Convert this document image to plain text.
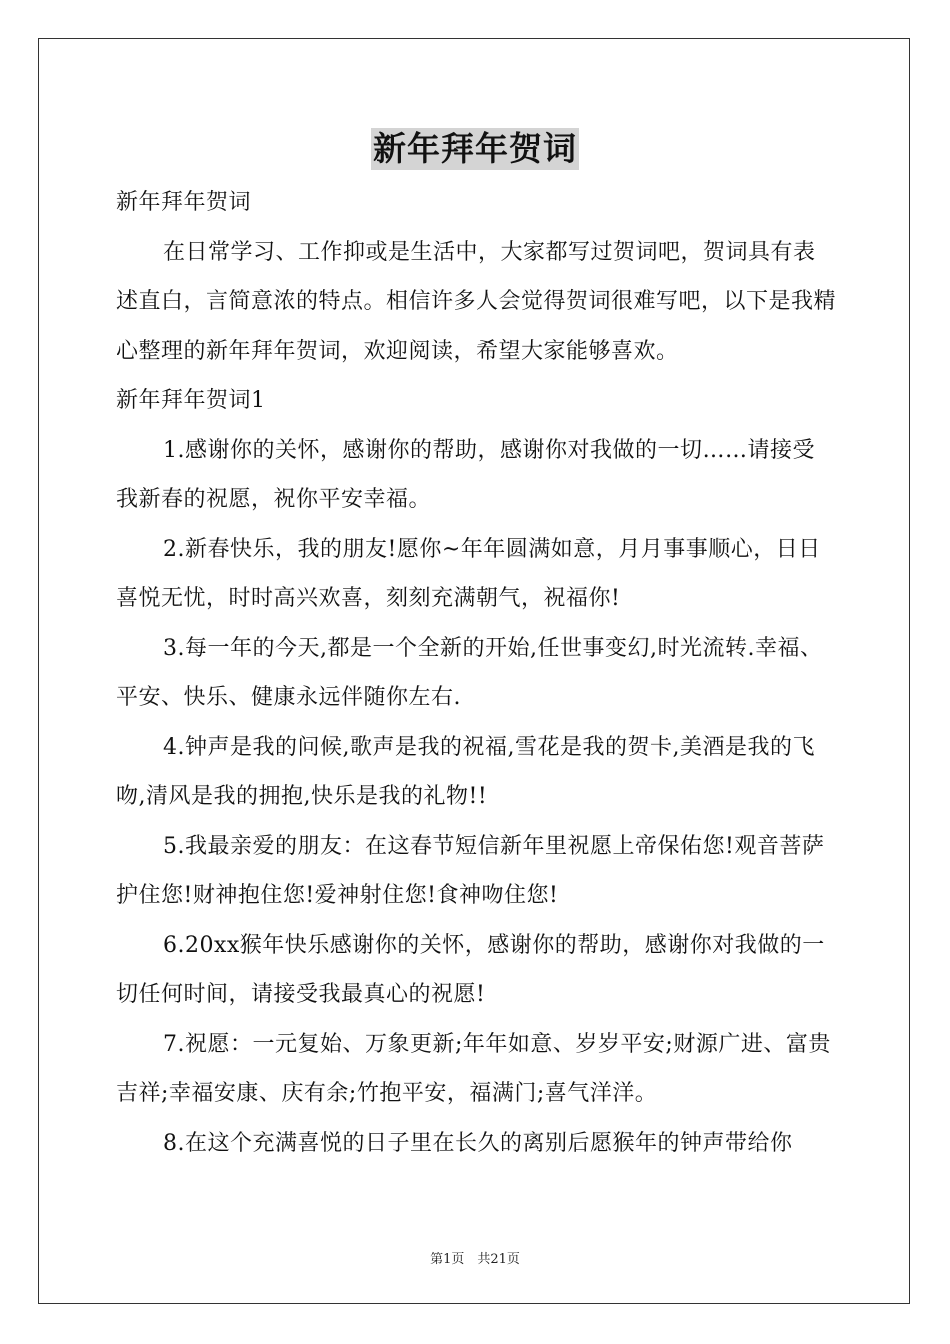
新年拜年贺词

新年拜年贺词

在日常学习、工作抑或是生活中，大家都写过贺词吧，贺词具有表述直白，言简意浓的特点。相信许多人会觉得贺词很难写吧，以下是我精心整理的新年拜年贺词，欢迎阅读，希望大家能够喜欢。

新年拜年贺词1

1.感谢你的关怀，感谢你的帮助，感谢你对我做的一切……请接受我新春的祝愿，祝你平安幸福。

2.新春快乐，我的朋友!愿你~年年圆满如意，月月事事顺心，日日喜悦无忧，时时高兴欢喜，刻刻充满朝气，祝福你!

3.每一年的今天,都是一个全新的开始,任世事变幻,时光流转.幸福、平安、快乐、健康永远伴随你左右.

4.钟声是我的问候,歌声是我的祝福,雪花是我的贺卡,美酒是我的飞吻,清风是我的拥抱,快乐是我的礼物!!

5.我最亲爱的朋友：在这春节短信新年里祝愿上帝保佑您!观音菩萨护住您!财神抱住您!爱神射住您!食神吻住您!

6.20xx猴年快乐感谢你的关怀，感谢你的帮助，感谢你对我做的一切任何时间，请接受我最真心的祝愿!

7.祝愿：一元复始、万象更新;年年如意、岁岁平安;财源广进、富贵吉祥;幸福安康、庆有余;竹抱平安，福满门;喜气洋洋。

8.在这个充满喜悦的日子里在长久的离别后愿猴年的钟声带给你

第1页　共21页
